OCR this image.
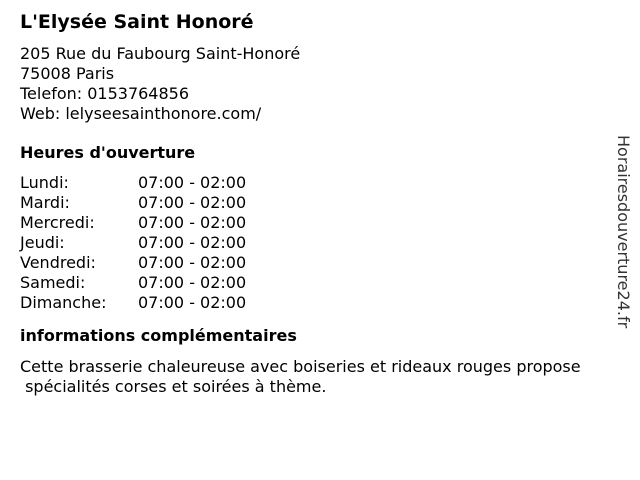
L'Elysée Saint Honoré
205 Rue du Faubourg Saint-Honoré
75008 Paris
Telefon: 0153764856
Web: lelyseesainthonore.com/
Heures d'ouverture
Lundi:	07:00 - 02:00
Mardi:	07:00 - 02:00
Mercredi:	07:00 - 02:00
Jeudi:	07:00 - 02:00
Vendredi:	07:00 - 02:00
Samedi:	07:00 - 02:00
Dimanche:	07:00 - 02:00
informations complémentaires
Cette brasserie chaleureuse avec boiseries et rideaux rouges propose
spécialités corses et soirées à thème.
Horairesdouverture24.fr
